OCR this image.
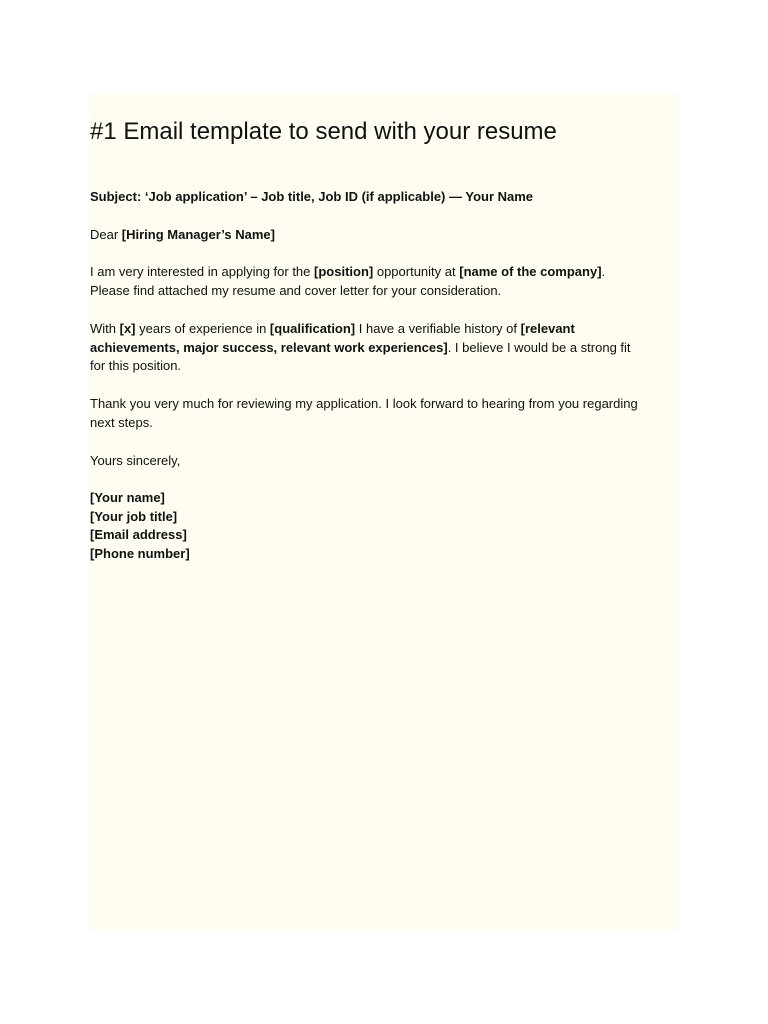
#1 Email template to send with your resume
Subject: ‘Job application’ – Job title, Job ID (if applicable) — Your Name
Dear [Hiring Manager’s Name]
I am very interested in applying for the [position] opportunity at [name of the company].
Please find attached my resume and cover letter for your consideration.
With [x] years of experience in [qualification] I have a verifiable history of [relevant
achievements, major success, relevant work experiences]. I believe I would be a strong fit
for this position.
Thank you very much for reviewing my application. I look forward to hearing from you regarding
next steps.
Yours sincerely,
[Your name]
[Your job title]
[Email address]
[Phone number]
